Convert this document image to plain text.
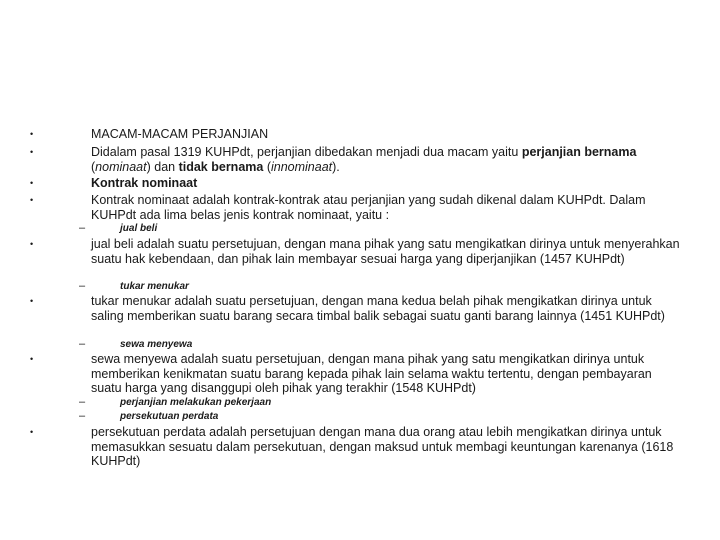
•	MACAM-MACAM PERJANJIAN
•	Didalam pasal 1319 KUHPdt, perjanjian dibedakan menjadi dua macam yaitu perjanjian bernama (nominaat) dan tidak bernama (innominaat).
•	Kontrak nominaat
•	Kontrak nominaat adalah kontrak-kontrak atau perjanjian yang sudah dikenal dalam KUHPdt. Dalam KUHPdt ada lima belas jenis kontrak nominaat, yaitu :
–	jual beli
•	jual beli adalah suatu persetujuan, dengan mana pihak yang satu mengikatkan dirinya untuk menyerahkan suatu hak kebendaan, dan pihak lain membayar sesuai harga yang diperjanjikan (1457 KUHPdt)
–	tukar menukar
•	tukar menukar adalah suatu persetujuan, dengan mana kedua belah pihak mengikatkan dirinya untuk saling memberikan suatu barang secara timbal balik sebagai suatu ganti barang lainnya (1451 KUHPdt)
–	sewa menyewa
•	sewa menyewa adalah suatu persetujuan, dengan mana pihak yang satu mengikatkan dirinya untuk memberikan kenikmatan suatu barang kepada pihak lain selama waktu tertentu, dengan pembayaran suatu harga yang disanggupi oleh pihak yang terakhir (1548 KUHPdt)
–	perjanjian melakukan pekerjaan
–	persekutuan perdata
•	persekutuan perdata adalah persetujuan dengan mana dua orang atau lebih mengikatkan dirinya untuk memasukkan sesuatu dalam persekutuan, dengan maksud untuk membagi keuntungan karenanya (1618 KUHPdt)
